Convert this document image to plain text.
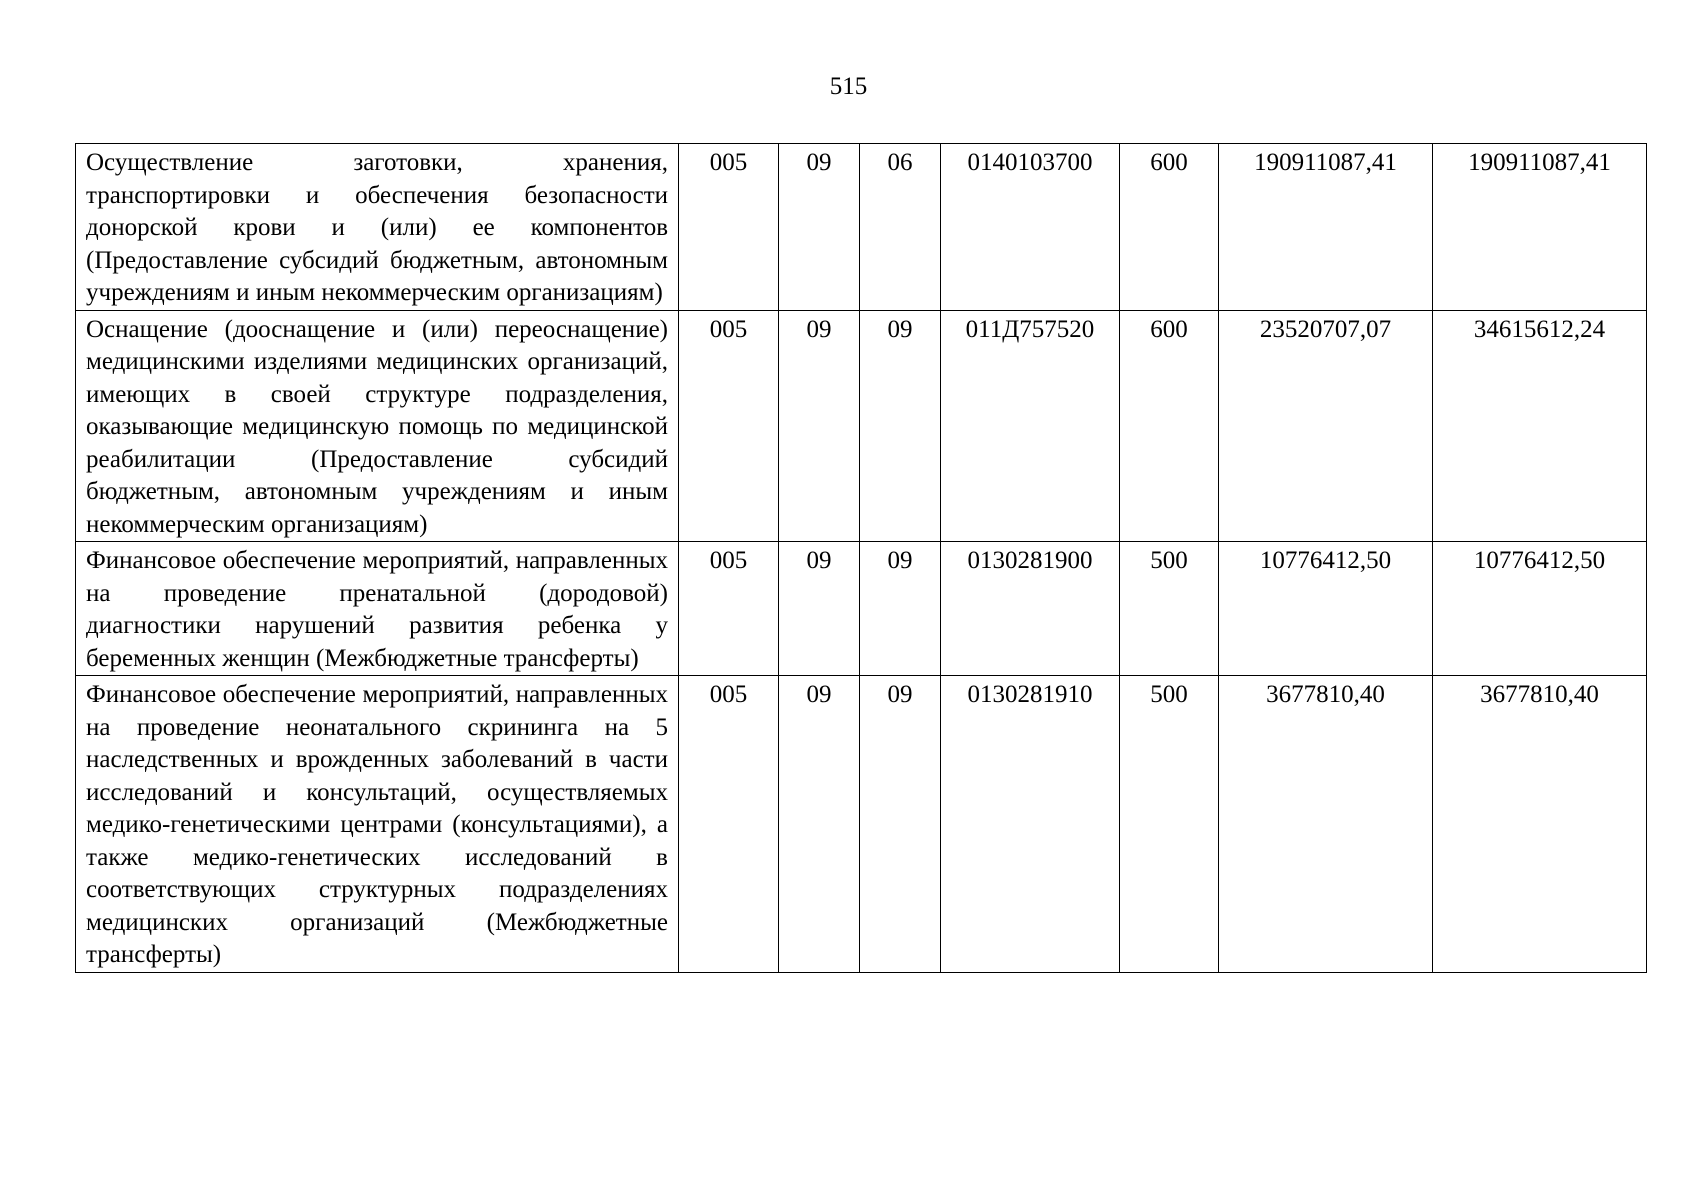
515
Осуществление заготовки, хранения, транспортировки и обеспечения безопасности донорской крови и (или) ее компонентов (Предоставление субсидий бюджетным, автономным учреждениям и иным некоммерческим организациям)	005	09	06	0140103700	600	190911087,41	190911087,41
Оснащение (дооснащение и (или) переоснащение) медицинскими изделиями медицинских организаций, имеющих в своей структуре подразделения, оказывающие медицинскую помощь по медицинской реабилитации (Предоставление субсидий бюджетным, автономным учреждениям и иным некоммерческим организациям)	005	09	09	011Д757520	600	23520707,07	34615612,24
Финансовое обеспечение мероприятий, направленных на проведение пренатальной (дородовой) диагностики нарушений развития ребенка у беременных женщин (Межбюджетные трансферты)	005	09	09	0130281900	500	10776412,50	10776412,50
Финансовое обеспечение мероприятий, направленных на проведение неонатального скрининга на 5 наследственных и врожденных заболеваний в части исследований и консультаций, осуществляемых медико-генетическими центрами (консультациями), а также медико-генетических исследований в соответствующих структурных подразделениях медицинских организаций (Межбюджетные трансферты)	005	09	09	0130281910	500	3677810,40	3677810,40
